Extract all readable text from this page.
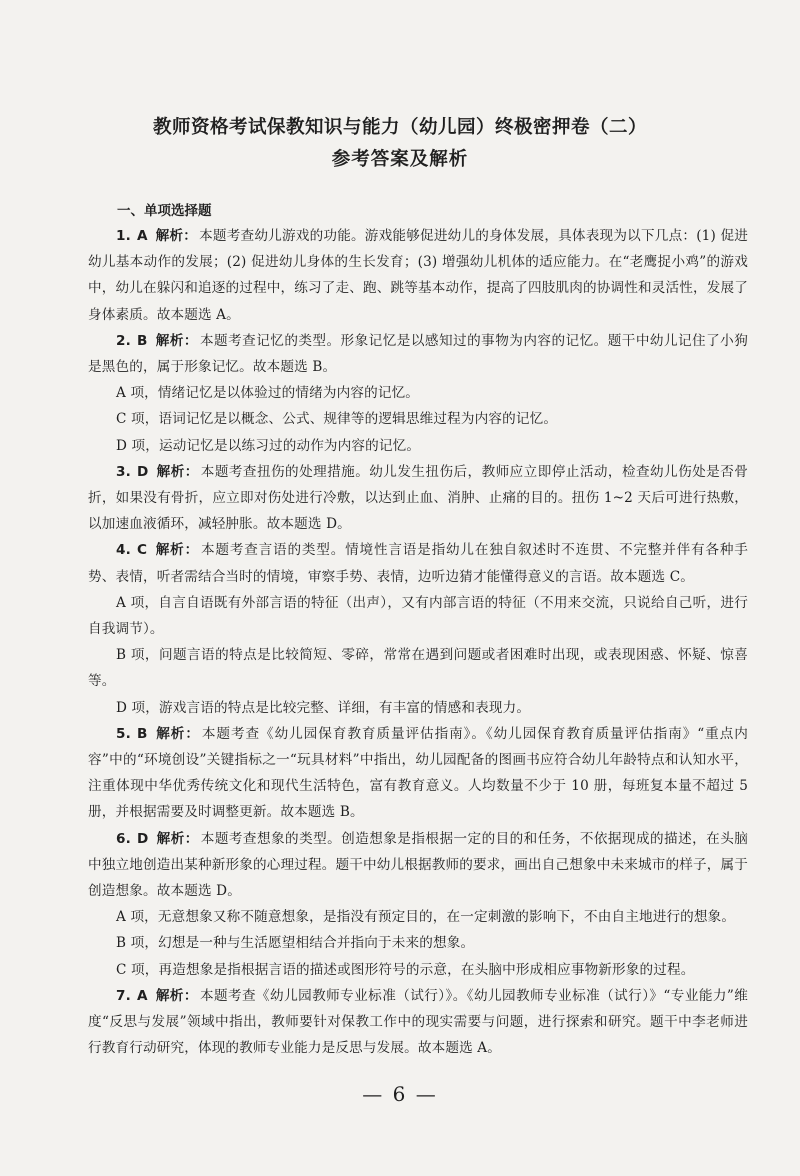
教师资格考试保教知识与能力（幼儿园）终极密押卷（二）
参考答案及解析
一、单项选择题

1. A 解析： 本题考查幼儿游戏的功能。游戏能够促进幼儿的身体发展，具体表现为以下几点：(1) 促进幼儿基本动作的发展；(2) 促进幼儿身体的生长发育；(3) 增强幼儿机体的适应能力。在“老鹰捉小鸡”的游戏中，幼儿在躲闪和追逐的过程中，练习了走、跑、跳等基本动作，提高了四肢肌肉的协调性和灵活性，发展了身体素质。故本题选 A。

2. B 解析： 本题考查记忆的类型。形象记忆是以感知过的事物为内容的记忆。题干中幼儿记住了小狗是黑色的，属于形象记忆。故本题选 B。

A 项，情绪记忆是以体验过的情绪为内容的记忆。

C 项，语词记忆是以概念、公式、规律等的逻辑思维过程为内容的记忆。

D 项，运动记忆是以练习过的动作为内容的记忆。

3. D 解析： 本题考查扭伤的处理措施。幼儿发生扭伤后，教师应立即停止活动，检查幼儿伤处是否骨折，如果没有骨折，应立即对伤处进行冷敷，以达到止血、消肿、止痛的目的。扭伤 1~2 天后可进行热敷，以加速血液循环，减轻肿胀。故本题选 D。

4. C 解析： 本题考查言语的类型。情境性言语是指幼儿在独自叙述时不连贯、不完整并伴有各种手势、表情，听者需结合当时的情境，审察手势、表情，边听边猜才能懂得意义的言语。故本题选 C。

A 项，自言自语既有外部言语的特征（出声），又有内部言语的特征（不用来交流，只说给自己听，进行自我调节）。

B 项，问题言语的特点是比较简短、零碎，常常在遇到问题或者困难时出现，或表现困惑、怀疑、惊喜等。

D 项，游戏言语的特点是比较完整、详细，有丰富的情感和表现力。

5. B 解析： 本题考查《幼儿园保育教育质量评估指南》。《幼儿园保育教育质量评估指南》“重点内容”中的“环境创设”关键指标之一“玩具材料”中指出，幼儿园配备的图画书应符合幼儿年龄特点和认知水平，注重体现中华优秀传统文化和现代生活特色，富有教育意义。人均数量不少于 10 册，每班复本量不超过 5 册，并根据需要及时调整更新。故本题选 B。

6. D 解析： 本题考查想象的类型。创造想象是指根据一定的目的和任务，不依据现成的描述，在头脑中独立地创造出某种新形象的心理过程。题干中幼儿根据教师的要求，画出自己想象中未来城市的样子，属于创造想象。故本题选 D。

A 项，无意想象又称不随意想象，是指没有预定目的，在一定刺激的影响下，不由自主地进行的想象。

B 项，幻想是一种与生活愿望相结合并指向于未来的想象。

C 项，再造想象是指根据言语的描述或图形符号的示意，在头脑中形成相应事物新形象的过程。

7. A 解析： 本题考查《幼儿园教师专业标准（试行）》。《幼儿园教师专业标准（试行）》“专业能力”维度“反思与发展”领域中指出，教师要针对保教工作中的现实需要与问题，进行探索和研究。题干中李老师进行教育行动研究，体现的教师专业能力是反思与发展。故本题选 A。

— 6 —
